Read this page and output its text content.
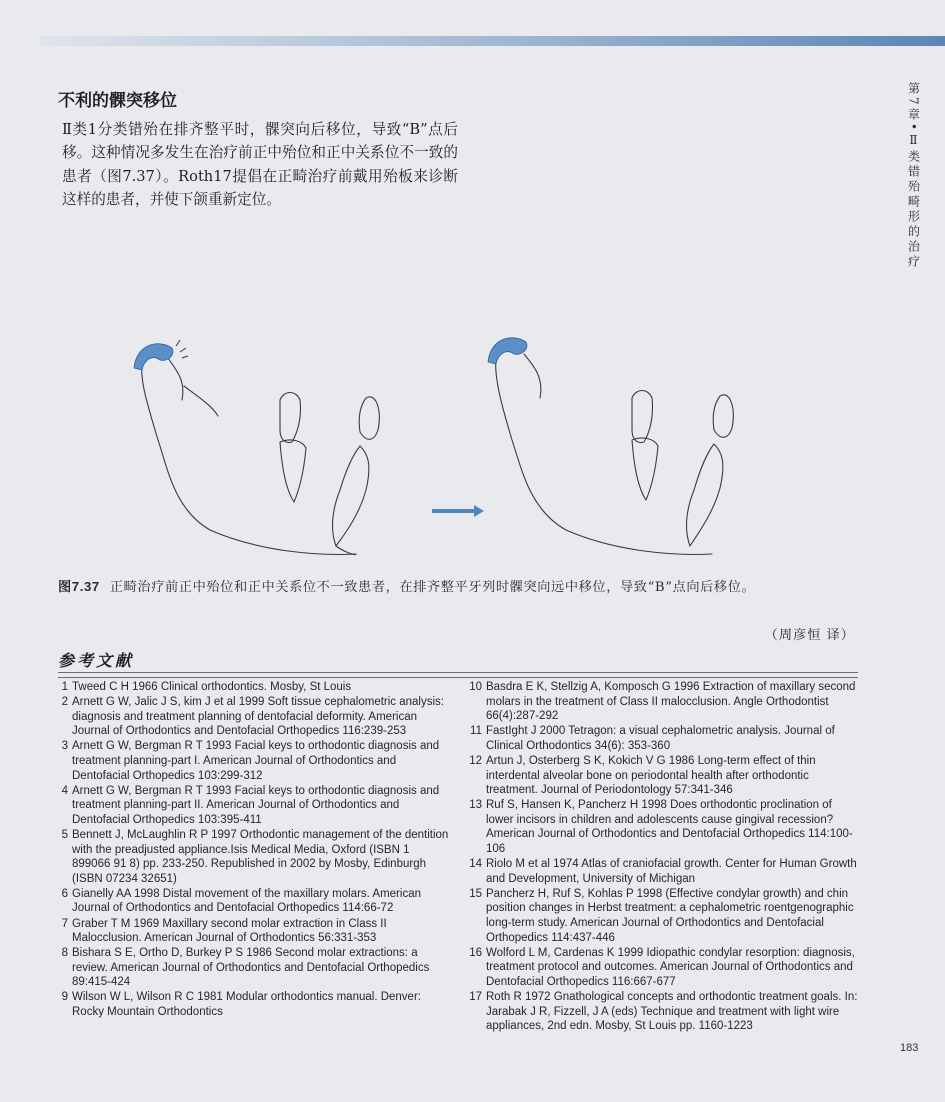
第
7
章
•
Ⅱ
类
错
殆
畸
形
的
治
疗
不利的髁突移位

Ⅱ类1分类错殆在排齐整平时，髁突向后移位，导致“B”点后移。这种情况多发生在治疗前正中殆位和正中关系位不一致的患者（图7.37）。Roth17提倡在正畸治疗前戴用殆板来诊断这样的患者，并使下颌重新定位。

图7.37 正畸治疗前正中殆位和正中关系位不一致患者，在排齐整平牙列时髁突向远中移位，导致“B”点向后移位。

（周彦恒 译）
参考文献
1 Tweed C H 1966 Clinical orthodontics. Mosby, St Louis
2 Arnett G W, Jalic J S, kim J et al 1999 Soft tissue cephalometric analysis: diagnosis and treatment planning of dentofacial deformity. American Journal of Orthodontics and Dentofacial Orthopedics 116:239-253
3 Arnett G W, Bergman R T 1993 Facial keys to orthodontic diagnosis and treatment planning-part I. American Journal of Orthodontics and Dentofacial Orthopedics 103:299-312
4 Arnett G W, Bergman R T 1993 Facial keys to orthodontic diagnosis and treatment planning-part II. American Journal of Orthodontics and Dentofacial Orthopedics 103:395-411
5 Bennett J, McLaughlin R P 1997 Orthodontic management of the dentition with the preadjusted appliance.Isis Medical Media, Oxford (ISBN 1 899066 91 8) pp. 233-250. Republished in 2002 by Mosby, Edinburgh (ISBN 07234 32651)
6 Gianelly AA 1998 Distal movement of the maxillary molars. American Journal of Orthodontics and Dentofacial Orthopedics 114:66-72
7 Graber T M 1969 Maxillary second molar extraction in Class II Malocclusion. American Journal of Orthodontics 56:331-353
8 Bishara S E, Ortho D, Burkey P S 1986 Second molar extractions: a review. American Journal of Orthodontics and Dentofacial Orthopedics 89:415-424
9 Wilson W L, Wilson R C 1981 Modular orthodontics manual. Denver: Rocky Mountain Orthodontics
10 Basdra E K, Stellzig A, Komposch G 1996 Extraction of maxillary second molars in the treatment of Class II malocclusion. Angle Orthodontist 66(4):287-292
11 FastIght J 2000 Tetragon: a visual cephalometric analysis. Journal of Clinical Orthodontics 34(6): 353-360
12 Artun J, Osterberg S K, Kokich V G 1986 Long-term effect of thin interdental alveolar bone on periodontal health after orthodontic treatment. Journal of Periodontology 57:341-346
13 Ruf S, Hansen K, Pancherz H 1998 Does orthodontic proclination of lower incisors in children and adolescents cause gingival recession? American Journal of Orthodontics and Dentofacial Orthopedics 114:100-106
14 Riolo M et al 1974 Atlas of craniofacial growth. Center for Human Growth and Development, University of Michigan
15 Pancherz H, Ruf S, Kohlas P 1998 (Effective condylar growth) and chin position changes in Herbst treatment: a cephalometric roentgenographic long-term study. American Journal of Orthodontics and Dentofacial Orthopedics 114:437-446
16 Wolford L M, Cardenas K 1999 Idiopathic condylar resorption: diagnosis, treatment protocol and outcomes. American Journal of Orthodontics and Dentofacial Orthopedics 116:667-677
17 Roth R 1972 Gnathological concepts and orthodontic treatment goals. In: Jarabak J R, Fizzell, J A (eds) Technique and treatment with light wire appliances, 2nd edn. Mosby, St Louis pp. 1160-1223
183
